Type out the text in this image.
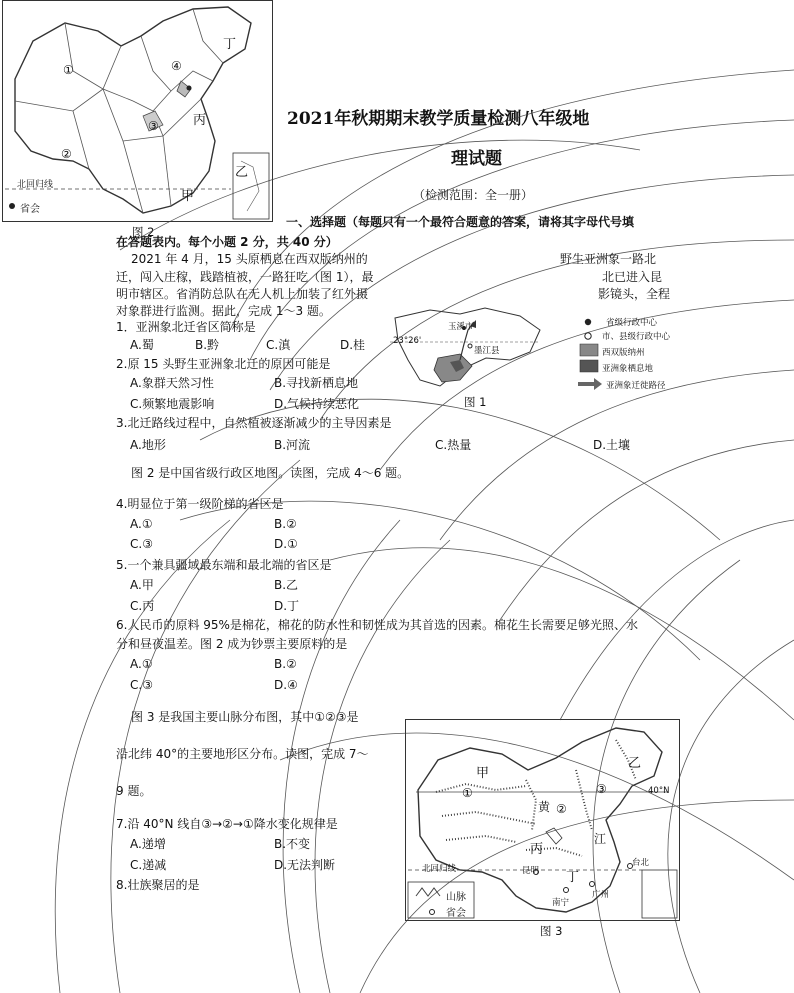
①
②
③
④
丁
丙
乙
甲
北回归线
省会
图 2
2021年秋期期末教学质量检测八年级地
理试题
（检测范围：全一册）
一、选择题（每题只有一个最符合题意的答案，请将其字母代号填
在答题表内。每个小题 2 分，共 40 分）
2021 年 4 月，15 头原栖息在西双版纳州的
迁，闯入庄稼，践踏植被，一路狂吃（图 1），最
明市辖区。省消防总队在无人机上加装了红外摄
对象群进行监测。据此，完成 1～3 题。
野生亚洲象一路北
北已进入昆
影镜头，全程
23°26'
玉溪市
墨江县
省级行政中心
市、县级行政中心
西双版纳州
亚洲象栖息地
亚洲象迁徙路径
图 1
1．亚洲象北迁省区简称是
A.蜀	B.黔	C.滇	D.桂
2.原 15 头野生亚洲象北迁的原因可能是
A.象群天然习性	B.寻找新栖息地
C.频繁地震影响	D.气候持续恶化
3.北迁路线过程中，自然植被逐渐减少的主导因素是
A.地形	B.河流	C.热量	D.土壤
图 2 是中国省级行政区地图。读图，完成 4～6 题。
4.明显位于第一级阶梯的省区是
A.①	B.②
C.③	D.①
5.一个兼具疆域最东端和最北端的省区是
A.甲	B.乙
C.丙	D.丁
6.人民币的原料 95%是棉花，棉花的防水性和韧性成为其首选的因素。棉花生长需要足够光照、水
分和昼夜温差。图 2 成为钞票主要原料的是
A.①	B.②
C.③	D.④
图 3 是我国主要山脉分布图，其中①②③是
沿北纬 40°的主要地形区分布。读图，完成 7～
9 题。
7.沿 40°N 线自③→②→①降水变化规律是
A.递增	B.不变
C.递减	D.无法判断
8.壮族聚居的是
甲
乙
丙
丁
黄
江
①
②
③	40°N
北回归线	昆明
南宁
广州
台北
山脉
省会
图 3
